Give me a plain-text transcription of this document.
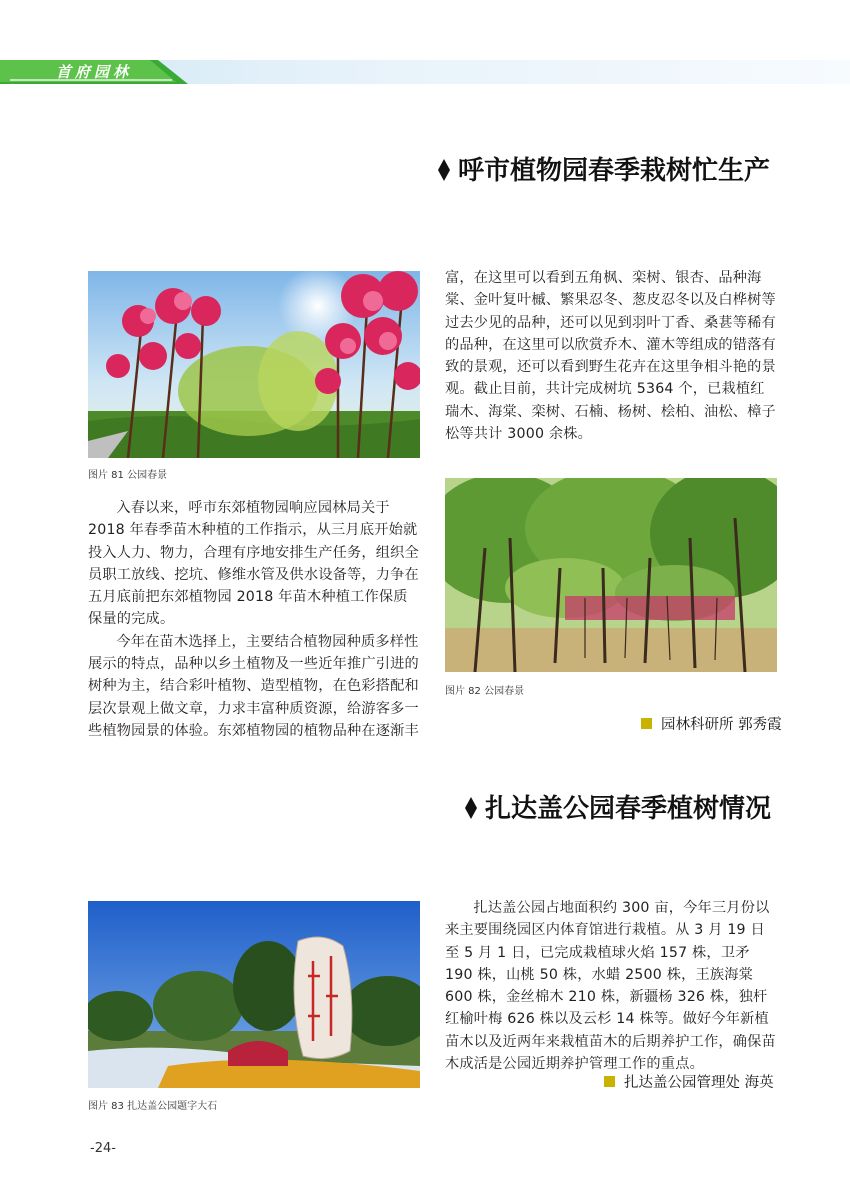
首府园林
呼市植物园春季栽树忙生产
图片 81 公园春景

入春以来，呼市东郊植物园响应园林局关于2018 年春季苗木种植的工作指示，从三月底开始就投入人力、物力，合理有序地安排生产任务，组织全员职工放线、挖坑、修维水管及供水设备等，力争在五月底前把东郊植物园 2018 年苗木种植工作保质保量的完成。

今年在苗木选择上，主要结合植物园种质多样性展示的特点，品种以乡土植物及一些近年推广引进的树种为主，结合彩叶植物、造型植物，在色彩搭配和层次景观上做文章，力求丰富种质资源，给游客多一些植物园景的体验。东郊植物园的植物品种在逐渐丰

富，在这里可以看到五角枫、栾树、银杏、品种海棠、金叶复叶槭、繁果忍冬、葱皮忍冬以及白桦树等过去少见的品种，还可以见到羽叶丁香、桑葚等稀有的品种，在这里可以欣赏乔木、灌木等组成的错落有致的景观，还可以看到野生花卉在这里争相斗艳的景观。截止目前，共计完成树坑 5364 个，已栽植红瑞木、海棠、栾树、石楠、杨树、桧柏、油松、樟子松等共计 3000 余株。

图片 82 公园春景
园林科研所 郭秀霞
扎达盖公园春季植树情况
图片 83 扎达盖公园题字大石

扎达盖公园占地面积约 300 亩，今年三月份以来主要围绕园区内体育馆进行栽植。从 3 月 19 日至 5 月 1 日，已完成栽植球火焰 157 株，卫矛 190 株，山桃 50 株，水蜡 2500 株，王族海棠 600 株，金丝棉木 210 株，新疆杨 326 株，独杆红榆叶梅 626 株以及云杉 14 株等。做好今年新植苗木以及近两年来栽植苗木的后期养护工作，确保苗木成活是公园近期养护管理工作的重点。

扎达盖公园管理处 海英
-24-
